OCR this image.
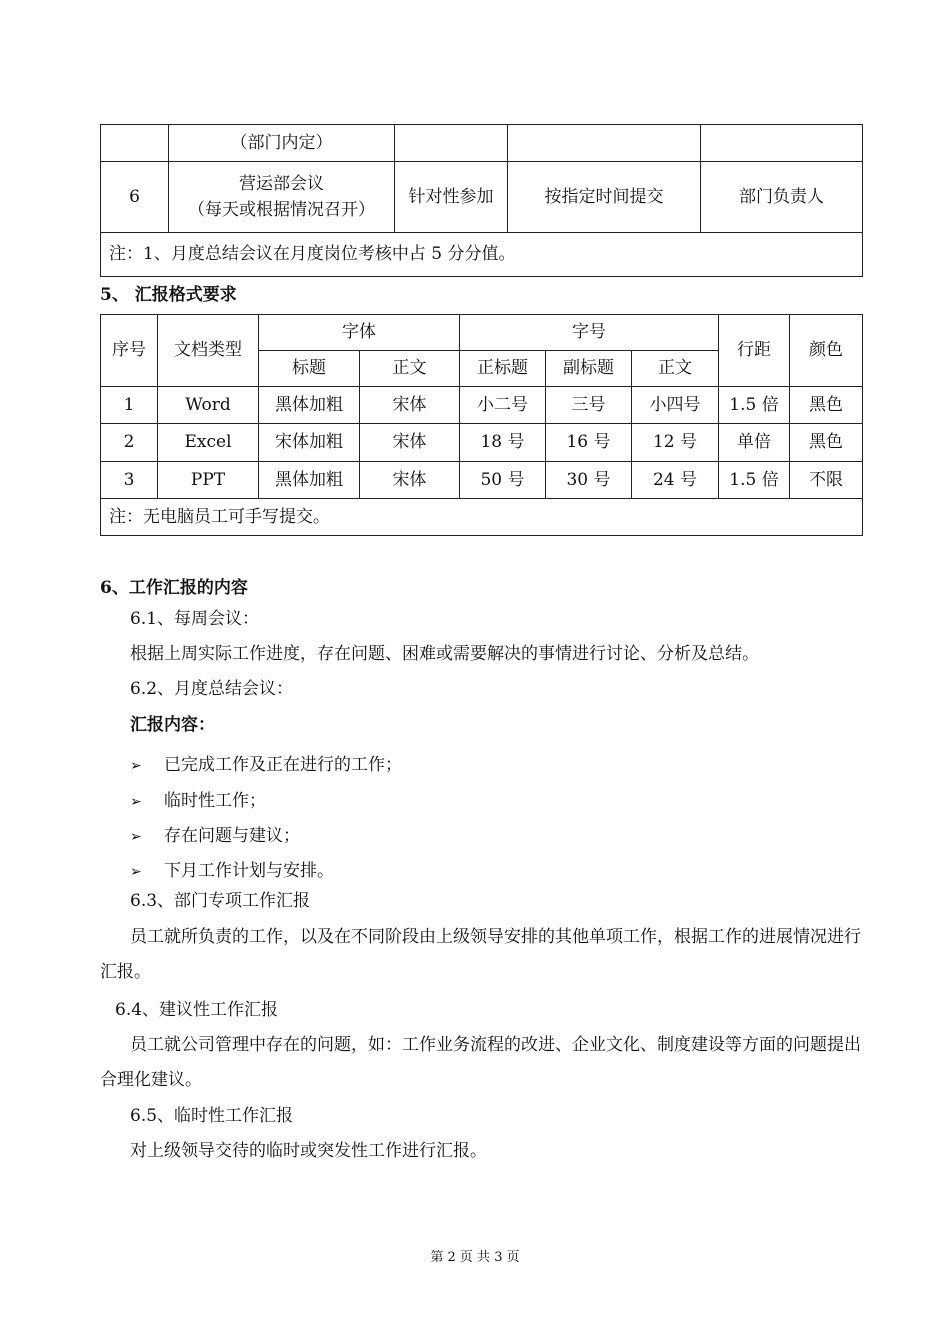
	（部门内定）			
6	营运部会议
（每天或根据情况召开）	针对性参加	按指定时间提交	部门负责人
注：1、月度总结会议在月度岗位考核中占 5 分分值。				
5、 汇报格式要求
序号	文档类型	字体		字号			行距	颜色
		标题	正文	正标题	副标题	正文		
1	Word	黑体加粗	宋体	小二号	三号	小四号	1.5 倍	黑色
2	Excel	宋体加粗	宋体	18 号	16 号	12 号	单倍	黑色
3	PPT	黑体加粗	宋体	50 号	30 号	24 号	1.5 倍	不限
注：无电脑员工可手写提交。								
6、工作汇报的内容
6.1、每周会议：
根据上周实际工作进度，存在问题、困难或需要解决的事情进行讨论、分析及总结。
6.2、月度总结会议：
汇报内容：
➢ 已完成工作及正在进行的工作；
➢ 临时性工作；
➢ 存在问题与建议；
➢ 下月工作计划与安排。
6.3、部门专项工作汇报
员工就所负责的工作，以及在不同阶段由上级领导安排的其他单项工作，根据工作的进展情况进行汇报。
6.4、建议性工作汇报
员工就公司管理中存在的问题，如：工作业务流程的改进、企业文化、制度建设等方面的问题提出合理化建议。
6.5、临时性工作汇报
对上级领导交待的临时或突发性工作进行汇报。
第 2 页 共 3 页
